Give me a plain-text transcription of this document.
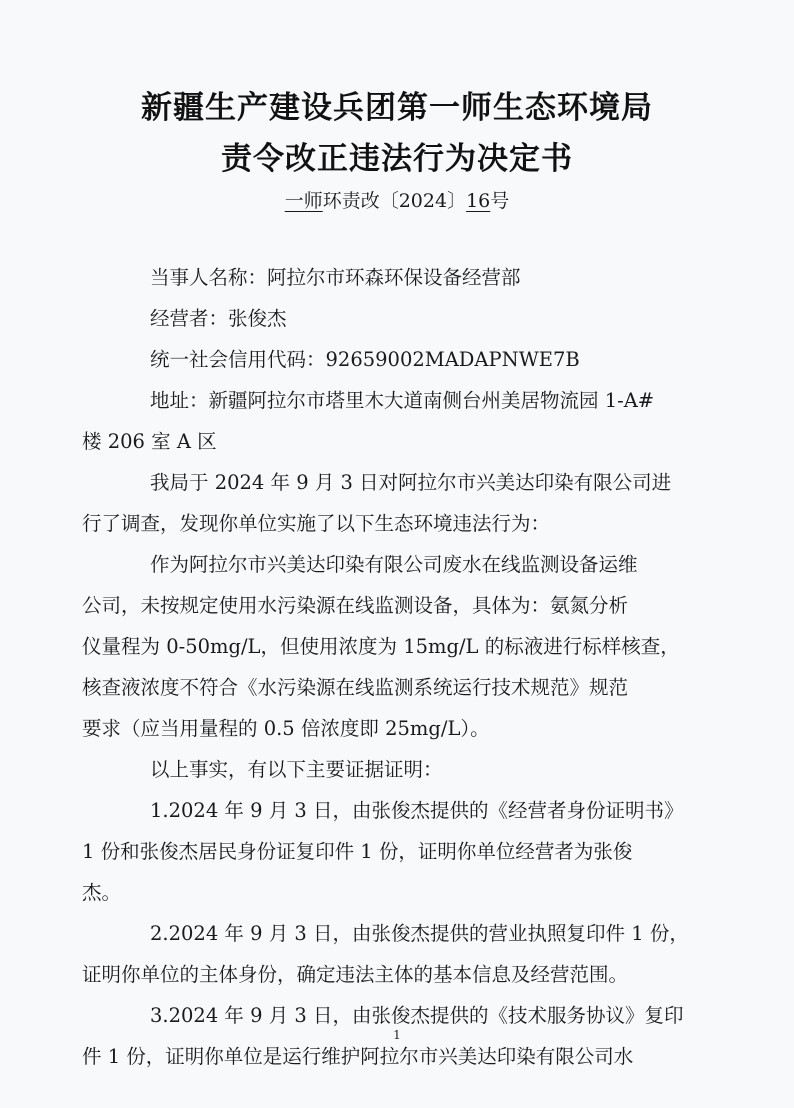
新疆生产建设兵团第一师生态环境局
责令改正违法行为决定书
一师环责改〔2024〕16号
当事人名称：阿拉尔市环森环保设备经营部
经营者：张俊杰
统一社会信用代码：92659002MADAPNWE7B
地址：新疆阿拉尔市塔里木大道南侧台州美居物流园 1-A#
楼 206 室 A 区
我局于 2024 年 9 月 3 日对阿拉尔市兴美达印染有限公司进
行了调查，发现你单位实施了以下生态环境违法行为：
作为阿拉尔市兴美达印染有限公司废水在线监测设备运维
公司，未按规定使用水污染源在线监测设备，具体为：氨氮分析
仪量程为 0-50mg/L，但使用浓度为 15mg/L 的标液进行标样核查，
核查液浓度不符合《水污染源在线监测系统运行技术规范》规范
要求（应当用量程的 0.5 倍浓度即 25mg/L）。
以上事实，有以下主要证据证明：
1.2024 年 9 月 3 日，由张俊杰提供的《经营者身份证明书》
1 份和张俊杰居民身份证复印件 1 份，证明你单位经营者为张俊
杰。
2.2024 年 9 月 3 日，由张俊杰提供的营业执照复印件 1 份，
证明你单位的主体身份，确定违法主体的基本信息及经营范围。
3.2024 年 9 月 3 日，由张俊杰提供的《技术服务协议》复印
件 1 份，证明你单位是运行维护阿拉尔市兴美达印染有限公司水
1
